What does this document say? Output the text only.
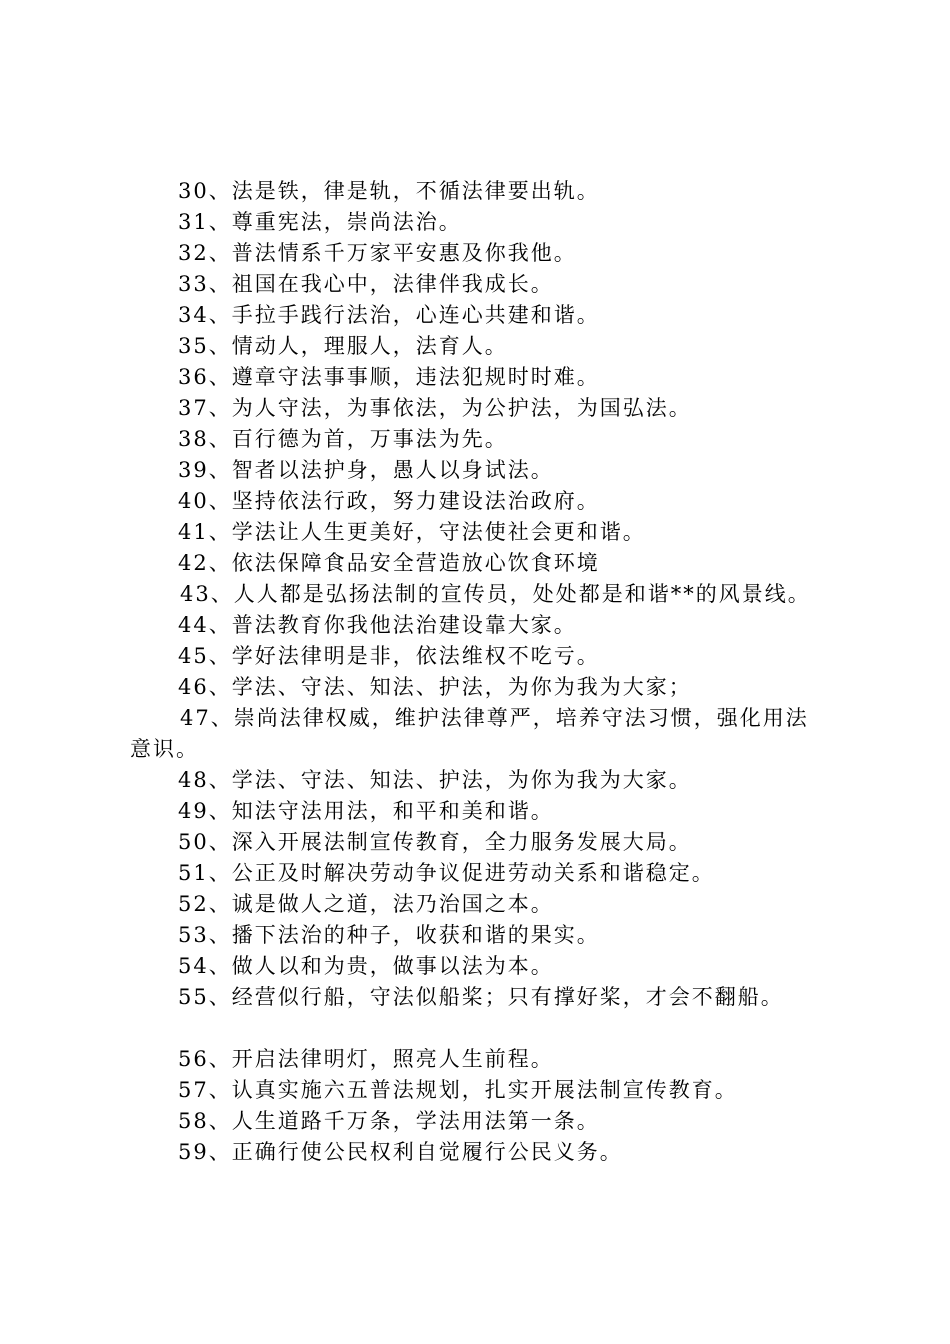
30、法是铁，律是轨，不循法律要出轨。
31、尊重宪法，崇尚法治。
32、普法情系千万家平安惠及你我他。
33、祖国在我心中，法律伴我成长。
34、手拉手践行法治，心连心共建和谐。
35、情动人，理服人，法育人。
36、遵章守法事事顺，违法犯规时时难。
37、为人守法，为事依法，为公护法，为国弘法。
38、百行德为首，万事法为先。
39、智者以法护身，愚人以身试法。
40、坚持依法行政，努力建设法治政府。
41、学法让人生更美好，守法使社会更和谐。
42、依法保障食品安全营造放心饮食环境
43、人人都是弘扬法制的宣传员，处处都是和谐**的风景线。
44、普法教育你我他法治建设靠大家。
45、学好法律明是非，依法维权不吃亏。
46、学法、守法、知法、护法，为你为我为大家；
47、崇尚法律权威，维护法律尊严，培养守法习惯，强化用法意识。
48、学法、守法、知法、护法，为你为我为大家。
49、知法守法用法，和平和美和谐。
50、深入开展法制宣传教育，全力服务发展大局。
51、公正及时解决劳动争议促进劳动关系和谐稳定。
52、诚是做人之道，法乃治国之本。
53、播下法治的种子，收获和谐的果实。
54、做人以和为贵，做事以法为本。
55、经营似行船，守法似船桨；只有撑好桨，才会不翻船。
56、开启法律明灯，照亮人生前程。
57、认真实施六五普法规划，扎实开展法制宣传教育。
58、人生道路千万条，学法用法第一条。
59、正确行使公民权利自觉履行公民义务。
